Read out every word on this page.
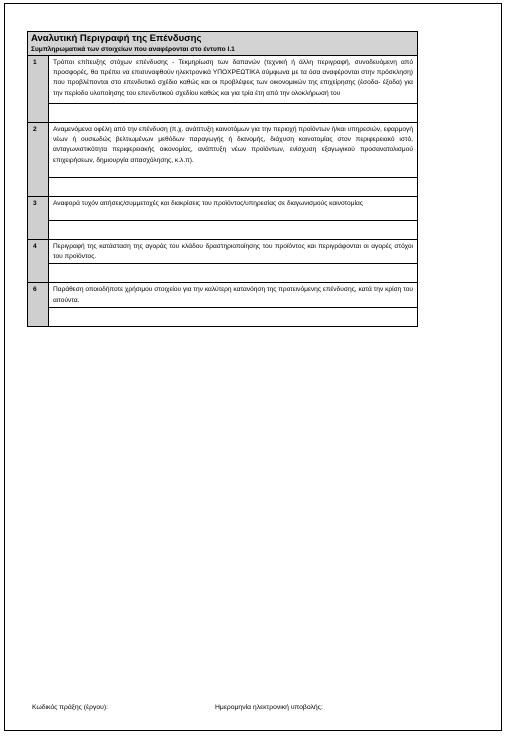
Αναλυτική Περιγραφή της Επένδυσης
Συμπληρωματικά των στοιχείων που αναφέρονται στο έντυπο Ι.1	

1	Τρόποι επίτευξης στόχων επένδυσης - Τεκμηρίωση των δαπανών (τεχνική ή άλλη περιγραφή, συνοδευόμενη από προσφορές, θα πρέπει να επισυναφθούν ηλεκτρονικά ΥΠΟΧΡΕΩΤΙΚΑ σύμφωνα με τα όσα αναφέρονται στην πρόσκληση) που προβλέπονται στο επενδυτικό σχέδιο καθώς και οι προβλέψεις των οικονομικών της επιχείρησης (έσοδα- έξοδα) για την περίοδο υλοποίησης του επενδυτικού σχεδίου καθώς και για τρία έτη από την ολοκλήρωσή του

2	Αναμενόμενα οφέλη από την επένδυση (π.χ. ανάπτυξη καινοτόμων για την περιοχή προϊόντων ή/και υπηρεσιών, εφαρμογή νέων ή ουσιωδώς βελτιωμένων μεθόδων παραγωγής ή διανομής, διάχυση καινοτομίας στον περιφερειακό ιστό, ανταγωνιστικότητα περιφερειακής οικονομίας, ανάπτυξη νέων προϊόντων, ενίσχυση εξαγωγικού προσανατολισμού επιχειρήσεων, δημιουργία απασχόλησης, κ.λ.π).

3	Αναφορά τυχόν αιτήσεις/συμμετοχές και διακρίσεις του προϊόντος/υπηρεσίας σε διαγωνισμούς καινοτομίας

4	Περιγραφή της κατάσταση της αγοράς του κλάδου δραστηριοποίησης του προϊόντος και περιγράφονται οι αγορές στόχοι του προϊόντος.

6	Παράθεση οποιοδήποτε χρήσιμου στοιχείου για την καλύτερη κατανόηση της προτεινόμενης επένδυσης, κατά την κρίση του αιτούντα.

Κωδικός πράξης (έργου):	Ημερομηνία ηλεκτρονική υποβολής:
